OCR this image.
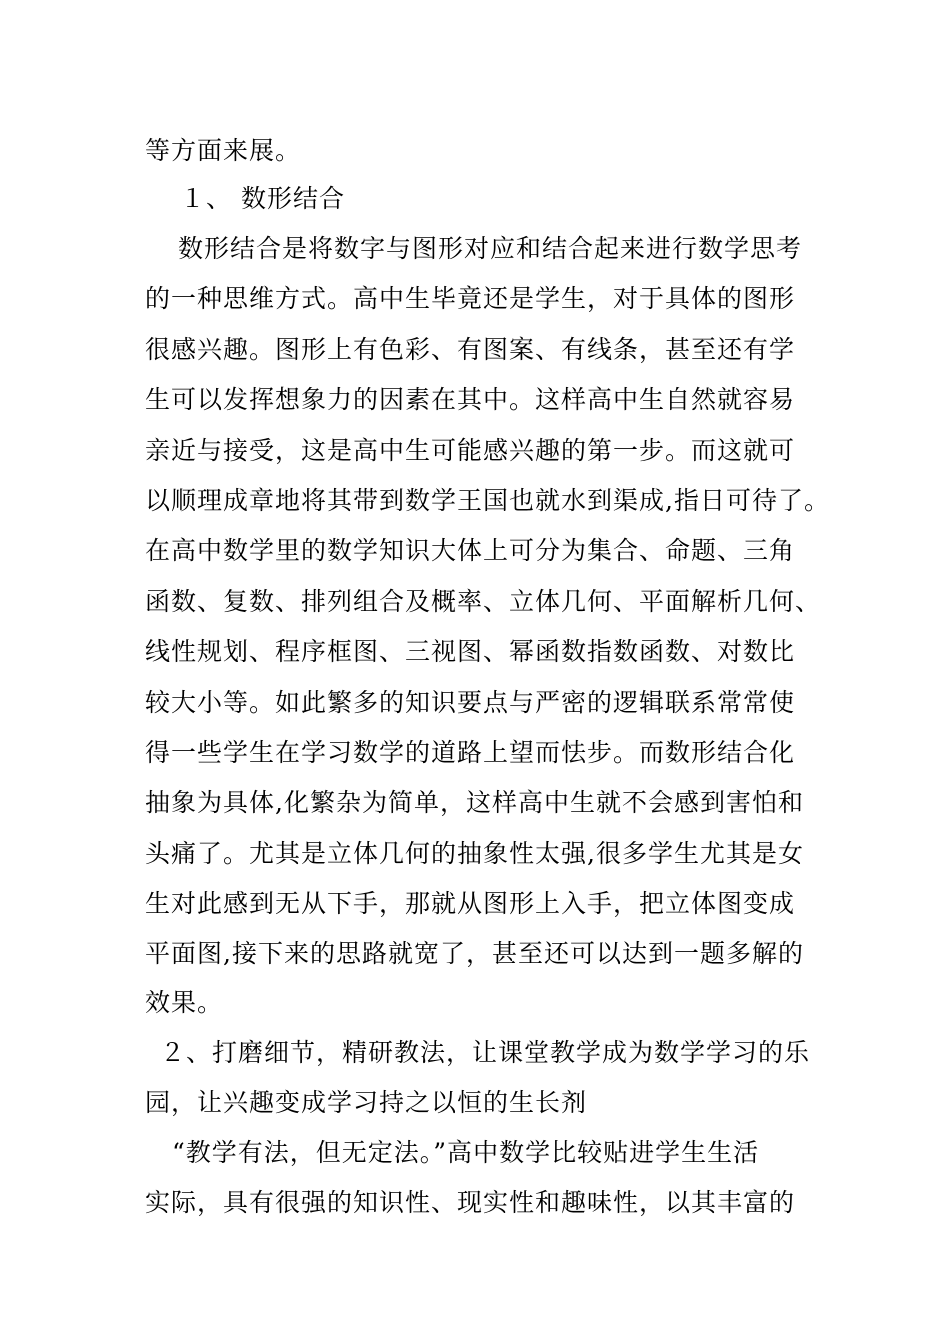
等方面来展。
１、 数形结合
数形结合是将数字与图形对应和结合起来进行数学思考
的一种思维方式。高中生毕竟还是学生，对于具体的图形
很感兴趣。图形上有色彩、有图案、有线条，甚至还有学
生可以发挥想象力的因素在其中。这样高中生自然就容易
亲近与接受，这是高中生可能感兴趣的第一步。而这就可
以顺理成章地将其带到数学王国也就水到渠成,指日可待了。
在高中数学里的数学知识大体上可分为集合、命题、三角
函数、复数、排列组合及概率、立体几何、平面解析几何、
线性规划、程序框图、三视图、幂函数指数函数、对数比
较大小等。如此繁多的知识要点与严密的逻辑联系常常使
得一些学生在学习数学的道路上望而怯步。而数形结合化
抽象为具体,化繁杂为简单，这样高中生就不会感到害怕和
头痛了。尤其是立体几何的抽象性太强,很多学生尤其是女
生对此感到无从下手，那就从图形上入手，把立体图变成
平面图,接下来的思路就宽了，甚至还可以达到一题多解的
效果。
２、打磨细节，精研教法，让课堂教学成为数学学习的乐
园，让兴趣变成学习持之以恒的生长剂
“教学有法，但无定法。”高中数学比较贴进学生生活
实际，具有很强的知识性、现实性和趣味性，以其丰富的
